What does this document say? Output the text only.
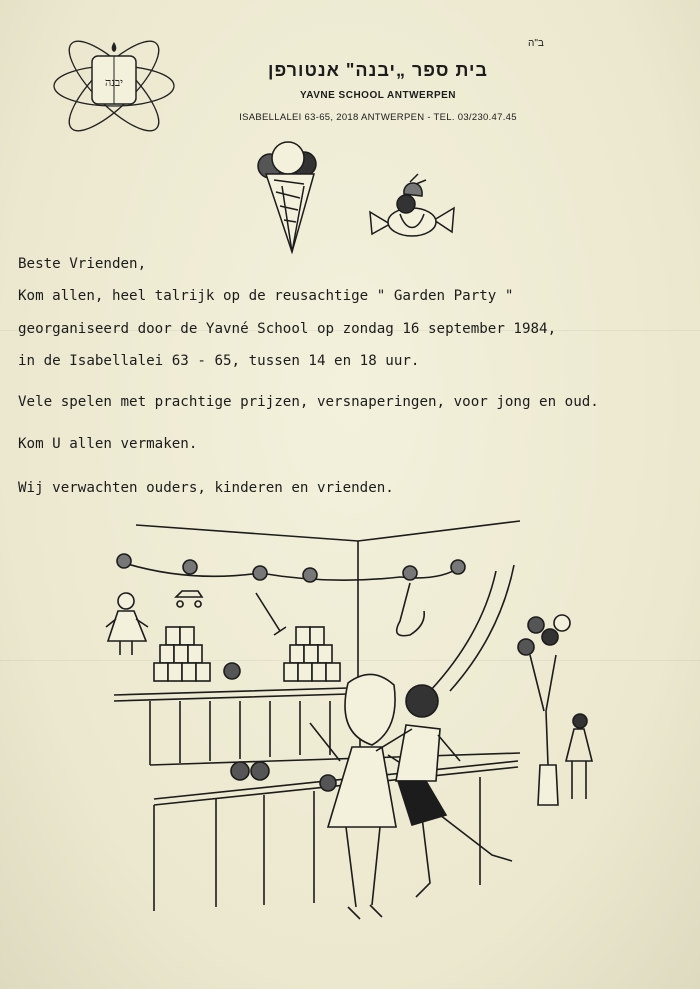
ב"ה
יבנה
בית ספר „יבנה" אנטורפן
YAVNE SCHOOL ANTWERPEN
ISABELLALEI 63-65, 2018 ANTWERPEN - TEL. 03/230.47.45
Beste Vrienden,
Kom allen, heel talrijk op de reusachtige " Garden Party "
georganiseerd door de Yavné School op zondag 16 september 1984,
in de Isabellalei 63 - 65, tussen 14 en 18 uur.
Vele spelen met prachtige prijzen, versnaperingen, voor jong en oud.
Kom U allen vermaken.
Wij verwachten ouders, kinderen en vrienden.
